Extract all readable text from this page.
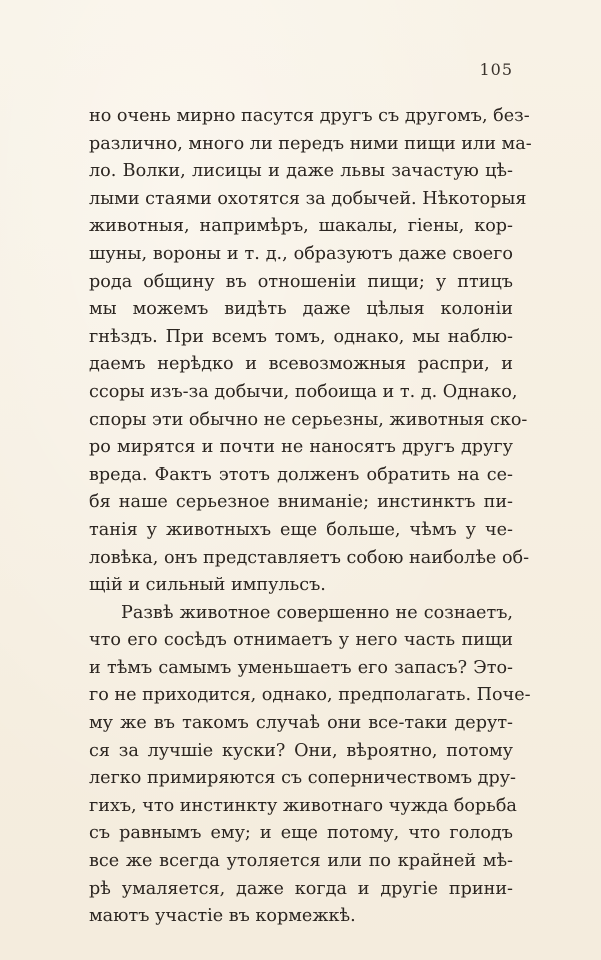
105
но очень мирно пасутся другъ съ другомъ, без-
различно, много ли передъ ними пищи или ма-
ло. Волки, лисицы и даже львы зачастую цѣ-
лыми стаями охотятся за добычей. Нѣкоторыя
животныя, напримѣръ, шакалы, гіены, кор-
шуны, вороны и т. д., образуютъ даже своего
рода общину въ отношеніи пищи; у птицъ
мы можемъ видѣть даже цѣлыя колоніи
гнѣздъ. При всемъ томъ, однако, мы наблю-
даемъ нерѣдко и всевозможныя распри, и
ссоры изъ-за добычи, побоища и т. д. Однако,
споры эти обычно не серьезны, животныя ско-
ро мирятся и почти не наносятъ другъ другу
вреда. Фактъ этотъ долженъ обратить на се-
бя наше серьезное вниманіе; инстинктъ пи-
танія у животныхъ еще больше, чѣмъ у че-
ловѣка, онъ представляетъ собою наиболѣе об-
щій и сильный импульсъ.
Развѣ животное совершенно не сознаетъ,
что его сосѣдъ отнимаетъ у него часть пищи
и тѣмъ самымъ уменьшаетъ его запасъ? Это-
го не приходится, однако, предполагать. Поче-
му же въ такомъ случаѣ они все-таки дерут-
ся за лучшіе куски? Они, вѣроятно, потому
легко примиряются съ соперничествомъ дру-
гихъ, что инстинкту животнаго чужда борьба
съ равнымъ ему; и еще потому, что голодъ
все же всегда утоляется или по крайней мѣ-
рѣ умаляется, даже когда и другіе прини-
маютъ участіе въ кормежкѣ.
